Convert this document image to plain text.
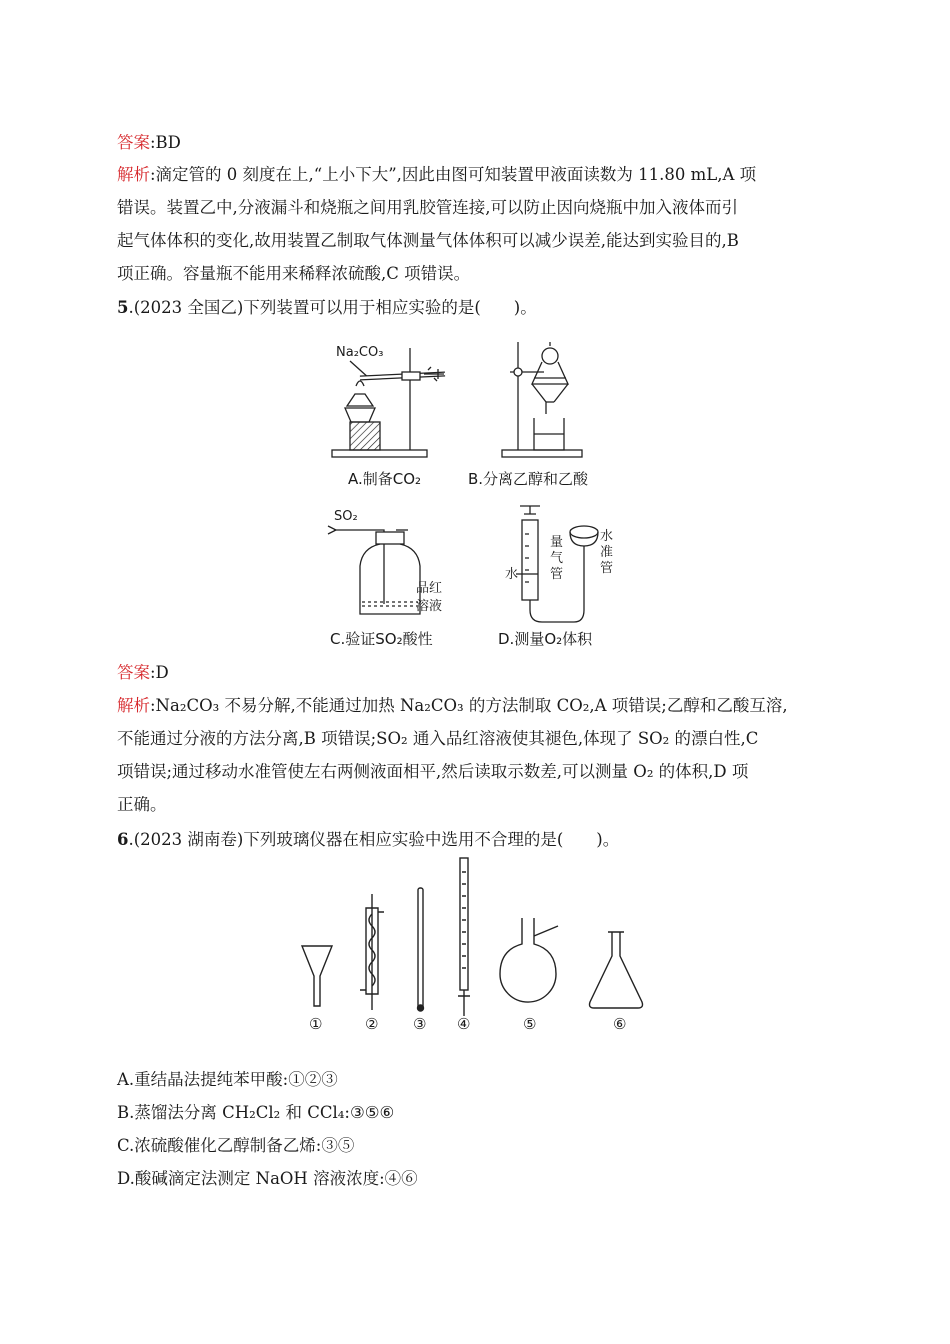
答案:BD
解析:滴定管的 0 刻度在上,“上小下大”,因此由图可知装置甲液面读数为 11.80 mL,A 项
错误。装置乙中,分液漏斗和烧瓶之间用乳胶管连接,可以防止因向烧瓶中加入液体而引
起气体体积的变化,故用装置乙制取气体测量气体体积可以减少误差,能达到实验目的,B
项正确。容量瓶不能用来稀释浓硫酸,C 项错误。
5.(2023 全国乙)下列装置可以用于相应实验的是(　　)。
Na₂CO₃
A.制备CO₂	B.分离乙醇和乙酸
SO₂
品红
溶液
C.验证SO₂酸性
水
量
气
管
水
准
管
D.测量O₂体积
答案:D
解析:Na₂CO₃ 不易分解,不能通过加热 Na₂CO₃ 的方法制取 CO₂,A 项错误;乙醇和乙酸互溶,
不能通过分液的方法分离,B 项错误;SO₂ 通入品红溶液使其褪色,体现了 SO₂ 的漂白性,C
项错误;通过移动水准管使左右两侧液面相平,然后读取示数差,可以测量 O₂ 的体积,D 项
正确。
6.(2023 湖南卷)下列玻璃仪器在相应实验中选用不合理的是(　　)。
①	② ③ ④	⑤	⑥
A.重结晶法提纯苯甲酸:①②③
B.蒸馏法分离 CH₂Cl₂ 和 CCl₄:③⑤⑥
C.浓硫酸催化乙醇制备乙烯:③⑤
D.酸碱滴定法测定 NaOH 溶液浓度:④⑥
